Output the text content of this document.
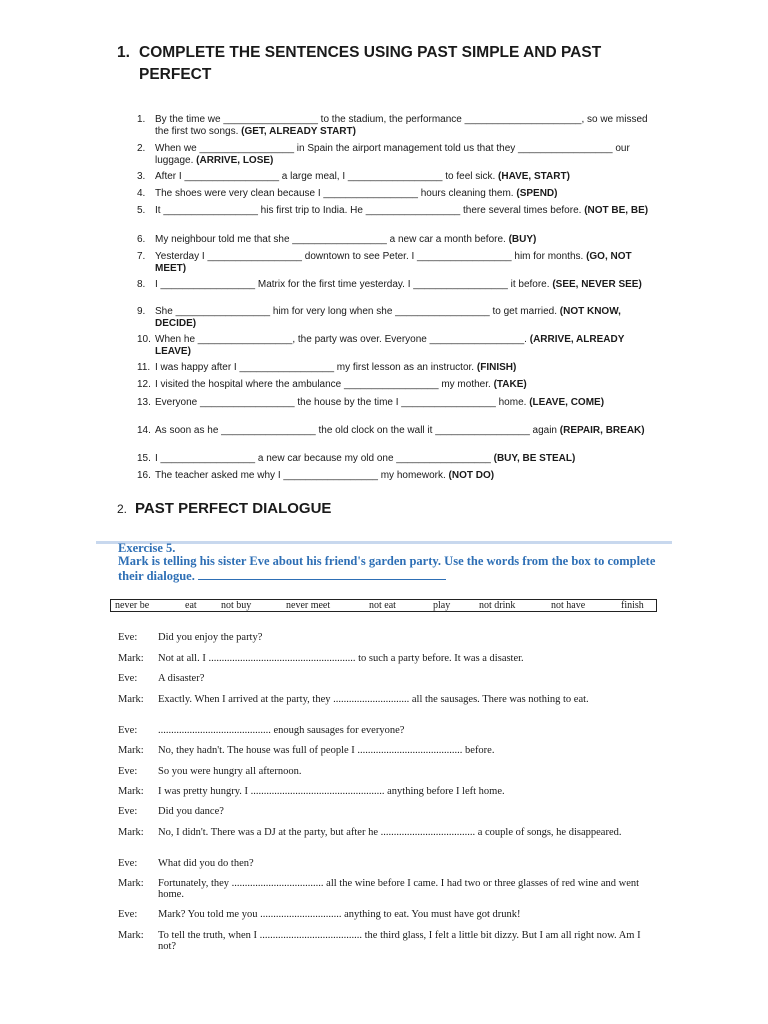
1. COMPLETE THE SENTENCES USING PAST SIMPLE AND PAST PERFECT
1. By the time we _________________ to the stadium, the performance _____________________, so we missed the first two songs. (GET, ALREADY START)
2. When we _________________ in Spain the airport management told us that they _________________ our luggage. (ARRIVE, LOSE)
3. After I _________________ a large meal, I _________________ to feel sick. (HAVE, START)
4. The shoes were very clean because I _________________ hours cleaning them. (SPEND)
5. It _________________ his first trip to India. He _________________ there several times before. (NOT BE, BE)
6. My neighbour told me that she _________________ a new car a month before. (BUY)
7. Yesterday I _________________ downtown to see Peter. I _________________ him for months. (GO, NOT MEET)
8. I _________________ Matrix for the first time yesterday. I _________________ it before. (SEE, NEVER SEE)
9. She _________________ him for very long when she _________________ to get married. (NOT KNOW, DECIDE)
10. When he _________________, the party was over. Everyone _________________. (ARRIVE, ALREADY LEAVE)
11. I was happy after I _________________ my first lesson as an instructor. (FINISH)
12. I visited the hospital where the ambulance _________________ my mother. (TAKE)
13. Everyone _________________ the house by the time I _________________ home. (LEAVE, COME)
14. As soon as he _________________ the old clock on the wall it _________________ again (REPAIR, BREAK)
15. I _________________ a new car because my old one _________________ (BUY, BE STEAL)
16. The teacher asked me why I _________________ my homework. (NOT DO)
2. PAST PERFECT DIALOGUE
Exercise 5.
Mark is telling his sister Eve about his friend's garden party. Use the words from the box to complete their dialogue.
never be	eat not buy	never meet	not eat	play	not drink	not have	finish
Eve: Did you enjoy the party?
Mark: Not at all. I ........................................................ to such a party before. It was a disaster.
Eve: A disaster?
Mark: Exactly. When I arrived at the party, they ............................. all the sausages. There was nothing to eat.
Eve: ........................................... enough sausages for everyone?
Mark: No, they hadn't. The house was full of people I ........................................ before.
Eve: So you were hungry all afternoon.
Mark: I was pretty hungry. I ................................................... anything before I left home.
Eve: Did you dance?
Mark: No, I didn't. There was a DJ at the party, but after he .................................... a couple of songs, he disappeared.
Eve: What did you do then?
Mark: Fortunately, they ................................... all the wine before I came. I had two or three glasses of red wine and went home.
Eve: Mark? You told me you ............................... anything to eat. You must have got drunk!
Mark: To tell the truth, when I ....................................... the third glass, I felt a little bit dizzy. But I am all right now. Am I not?
